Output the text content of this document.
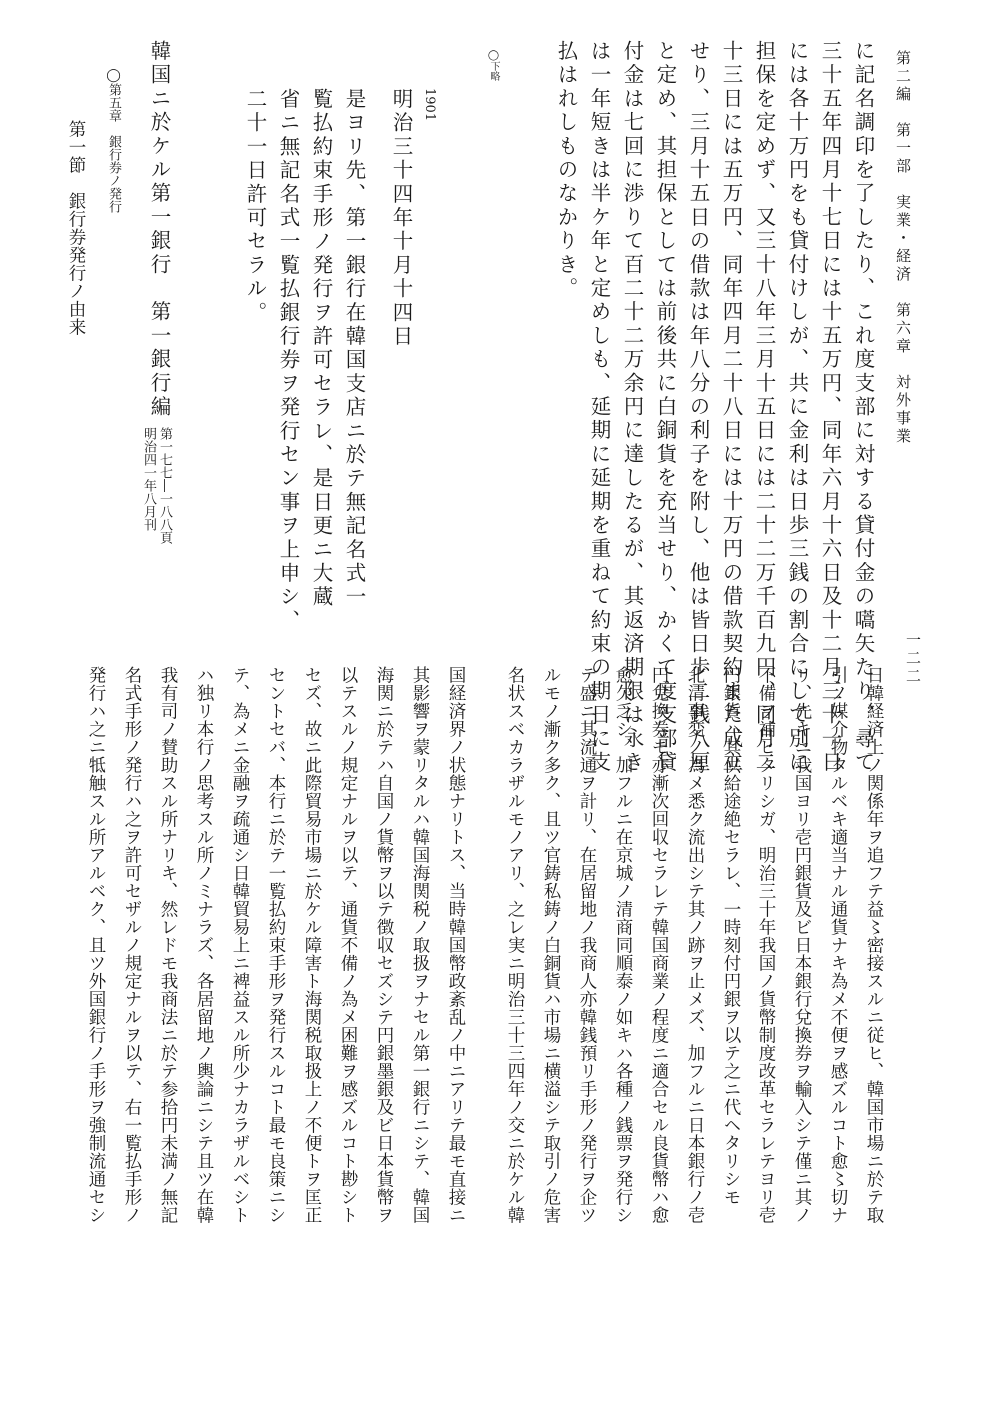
第二編　第一部　実業・経済　第六章　対外事業
一二二
に記名調印を了したり、これ度支部に対する貸付金の嚆矢たり、尋て
三十五年四月十七日には十五万円、同年六月十六日及十二月三十一日
には各十万円をも貸付けしが、共に金利は日歩三銭の割合にして別に
担保を定めず、又三十八年三月十五日には二十二万千百九円、同月二
十三日には五万円、同年四月二十八日には十万円の借款契約また成立
せり、三月十五日の借款は年八分の利子を附し、他は皆日歩二銭八厘
と定め、其担保としては前後共に白銅貨を充当せり、かくて度支部貸
付金は七回に渉りて百二十二万余円に達したるが、其返済期限は永き
は一年短きは半ケ年と定めしも、延期に延期を重ねて約束の期日に支
払はれしものなかりき。
◯下略
1901
明治三十四年十月十四日
是ヨリ先、第一銀行在韓国支店ニ於テ無記名式一
覧払約束手形ノ発行ヲ許可セラレ、是日更ニ大蔵
省ニ無記名式一覧払銀行券ヲ発行セン事ヲ上申シ、
二十一日許可セラル。
韓国ニ於ケル第一銀行　第一銀行編
第一七七―一八八頁
明治四一年八月刊
◯第五章　銀行券ノ発行
第一節　銀行券発行ノ由来
日韓経済上ノ関係年ヲ追フテ益〻密接スルニ従ヒ、韓国市場ニ於テ取
引ノ媒介物タルベキ適当ナル通貨ナキ為メ不便ヲ感ズルコト愈〻切ナ
リ、先キニ我国ヨリ壱円銀貨及ビ日本銀行兌換券ヲ輸入シテ僅ニ其ノ
不備ヲ補ヒタリシガ、明治三十年我国ノ貨幣制度改革セラレテヨリ壱
円銀貨ハ其供給途絶セラレ、一時刻付円銀ヲ以テ之ニ代ヘタリシモ
北清事変ノ為メ悉ク流出シテ其ノ跡ヲ止メズ、加フルニ日本銀行ノ壱
円兌換券モ亦漸次回収セラレテ韓国商業ノ程度ニ適合セル良貨幣ハ愈
愈欠乏シ、加フルニ在京城ノ清商同順泰ノ如キハ各種ノ銭票ヲ発行シ
テ盛ニ其流通ヲ計リ、在居留地ノ我商人亦韓銭預リ手形ノ発行ヲ企ツ
ルモノ漸ク多ク、且ツ官鋳私鋳ノ白銅貨ハ市場ニ横溢シテ取引ノ危害
名状スベカラザルモノアリ、之レ実ニ明治三十三四年ノ交ニ於ケル韓
国経済界ノ状態ナリトス、当時韓国幣政紊乱ノ中ニアリテ最モ直接ニ
其影響ヲ蒙リタルハ韓国海関税ノ取扱ヲナセル第一銀行ニシテ、韓国
海関ニ於テハ自国ノ貨幣ヲ以テ徴収セズシテ円銀墨銀及ビ日本貨幣ヲ
以テスルノ規定ナルヲ以テ、通貨不備ノ為メ困難ヲ感ズルコト尠シト
セズ、故ニ此際貿易市場ニ於ケル障害ト海関税取扱上ノ不便トヲ匡正
セントセバ、本行ニ於テ一覧払約束手形ヲ発行スルコト最モ良策ニシ
テ、為メニ金融ヲ疏通シ日韓貿易上ニ裨益スル所少ナカラザルベシト
ハ独リ本行ノ思考スル所ノミナラズ、各居留地ノ輿論ニシテ且ツ在韓
我有司ノ賛助スル所ナリキ、然レドモ我商法ニ於テ参拾円未満ノ無記
名式手形ノ発行ハ之ヲ許可セザルノ規定ナルヲ以テ、右一覧払手形ノ
発行ハ之ニ牴触スル所アルベク、且ツ外国銀行ノ手形ヲ強制流通セシ
